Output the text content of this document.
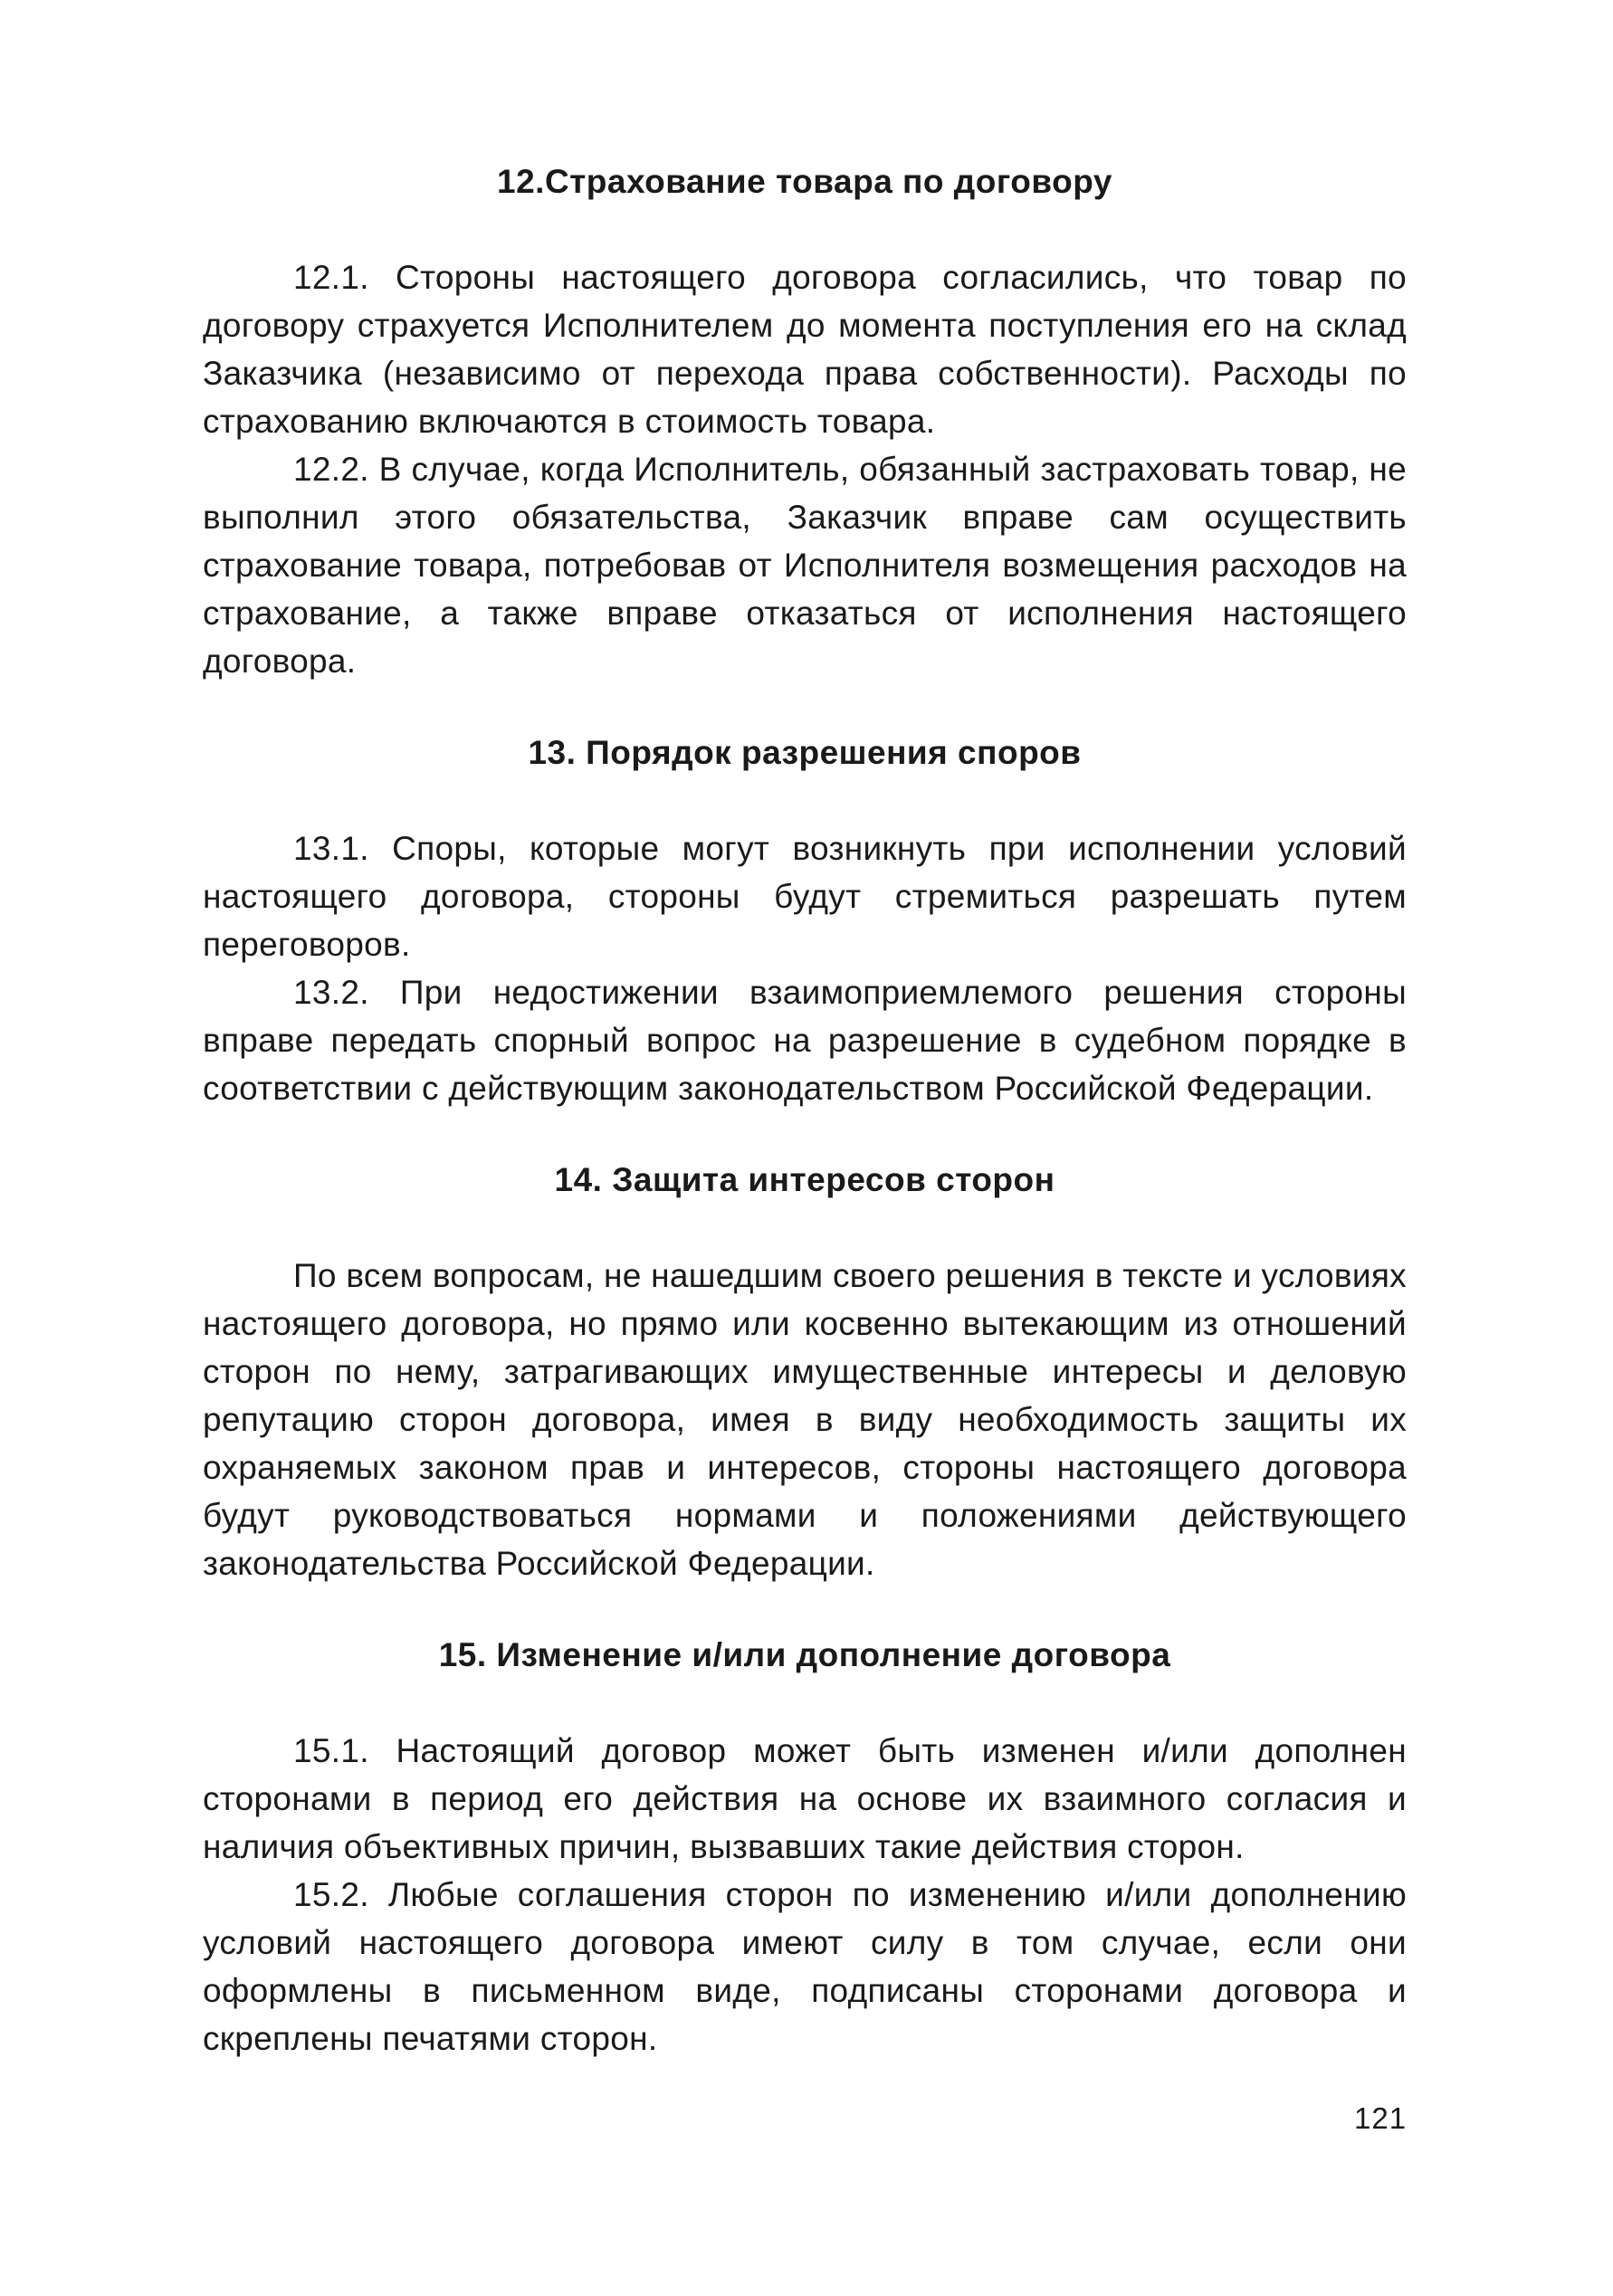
12.Страхование товара по договору

12.1. Стороны настоящего договора согласились, что товар по договору страхуется Исполнителем до момента поступления его на склад Заказчика (независимо от перехода права собственности). Расходы по страхованию включаются в стоимость товара.

12.2. В случае, когда Исполнитель, обязанный застраховать товар, не выполнил этого обязательства, Заказчик вправе сам осуществить страхование товара, потребовав от Исполнителя возмещения расходов на страхование, а также вправе отказаться от исполнения настоящего договора.

13. Порядок разрешения споров

13.1. Споры, которые могут возникнуть при исполнении условий настоящего договора, стороны будут стремиться разрешать путем переговоров.

13.2. При недостижении взаимоприемлемого решения стороны вправе передать спорный вопрос на разрешение в судебном порядке в соответствии с действующим законодательством Российской Федерации.

14. Защита интересов сторон

По всем вопросам, не нашедшим своего решения в тексте и условиях настоящего договора, но прямо или косвенно вытекающим из отношений сторон по нему, затрагивающих имущественные интересы и деловую репутацию сторон договора, имея в виду необходимость защиты их охраняемых законом прав и интересов, стороны настоящего договора будут руководствоваться нормами и положениями действующего законодательства Российской Федерации.

15. Изменение и/или дополнение договора

15.1. Настоящий договор может быть изменен и/или дополнен сторонами в период его действия на основе их взаимного согласия и наличия объективных причин, вызвавших такие действия сторон.

15.2. Любые соглашения сторон по изменению и/или дополнению условий настоящего договора имеют силу в том случае, если они оформлены в письменном виде, подписаны сторонами договора и скреплены печатями сторон.

121
